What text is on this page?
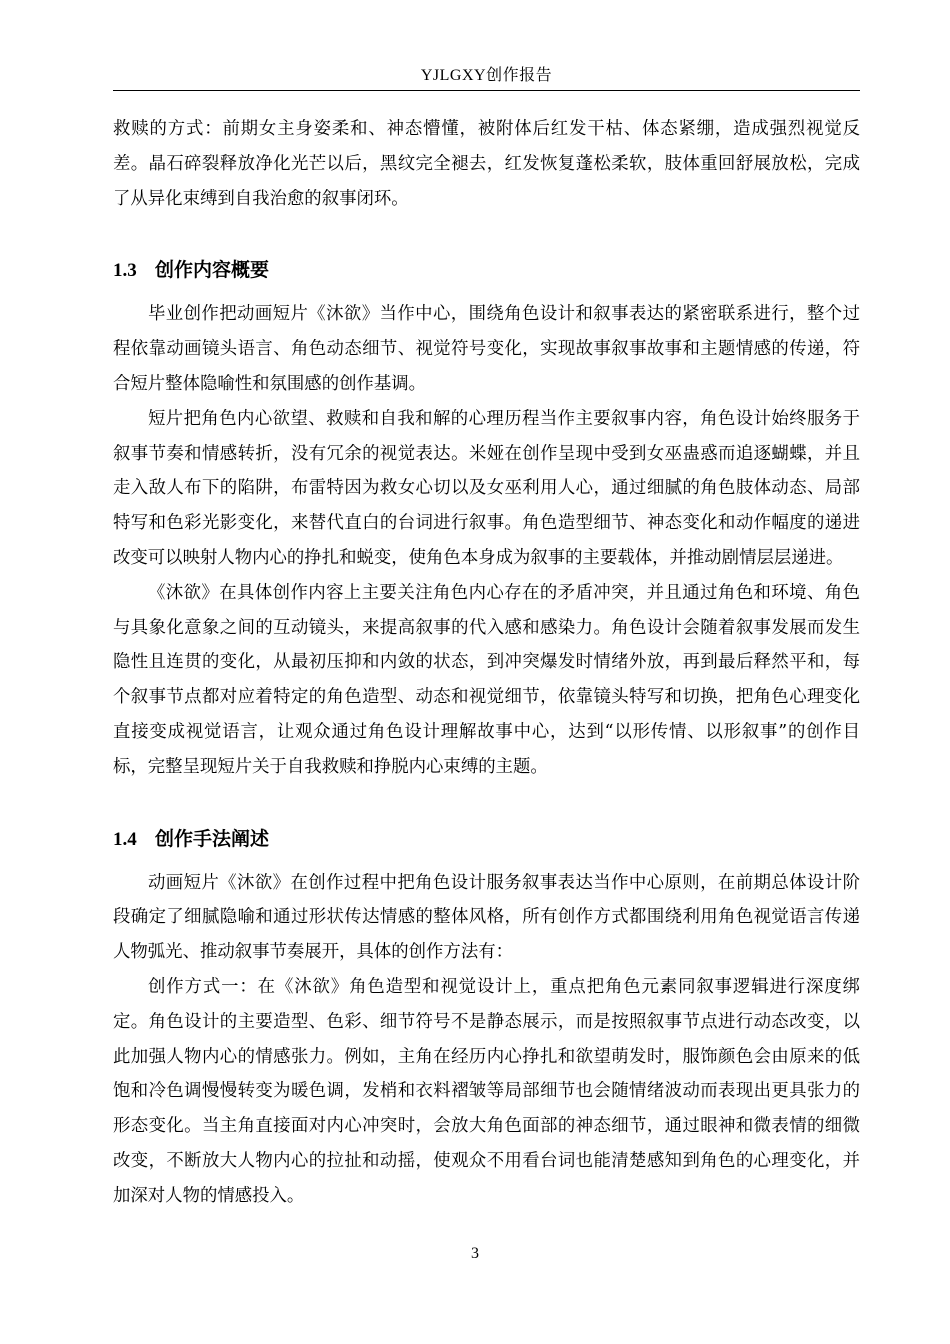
YJLGXY创作报告

救赎的方式：前期女主身姿柔和、神态懵懂，被附体后红发干枯、体态紧绷，造成强烈视觉反差。晶石碎裂释放净化光芒以后，黑纹完全褪去，红发恢复蓬松柔软，肢体重回舒展放松，完成了从异化束缚到自我治愈的叙事闭环。

1.3 创作内容概要

毕业创作把动画短片《沐欲》当作中心，围绕角色设计和叙事表达的紧密联系进行，整个过程依靠动画镜头语言、角色动态细节、视觉符号变化，实现故事叙事故事和主题情感的传递，符合短片整体隐喻性和氛围感的创作基调。

短片把角色内心欲望、救赎和自我和解的心理历程当作主要叙事内容，角色设计始终服务于叙事节奏和情感转折，没有冗余的视觉表达。米娅在创作呈现中受到女巫蛊惑而追逐蝴蝶，并且走入敌人布下的陷阱，布雷特因为救女心切以及女巫利用人心，通过细腻的角色肢体动态、局部特写和色彩光影变化，来替代直白的台词进行叙事。角色造型细节、神态变化和动作幅度的递进改变可以映射人物内心的挣扎和蜕变，使角色本身成为叙事的主要载体，并推动剧情层层递进。

《沐欲》在具体创作内容上主要关注角色内心存在的矛盾冲突，并且通过角色和环境、角色与具象化意象之间的互动镜头，来提高叙事的代入感和感染力。角色设计会随着叙事发展而发生隐性且连贯的变化，从最初压抑和内敛的状态，到冲突爆发时情绪外放，再到最后释然平和，每个叙事节点都对应着特定的角色造型、动态和视觉细节，依靠镜头特写和切换，把角色心理变化直接变成视觉语言，让观众通过角色设计理解故事中心，达到“以形传情、以形叙事”的创作目标，完整呈现短片关于自我救赎和挣脱内心束缚的主题。

1.4 创作手法阐述

动画短片《沐欲》在创作过程中把角色设计服务叙事表达当作中心原则，在前期总体设计阶段确定了细腻隐喻和通过形状传达情感的整体风格，所有创作方式都围绕利用角色视觉语言传递人物弧光、推动叙事节奏展开，具体的创作方法有：

创作方式一：在《沐欲》角色造型和视觉设计上，重点把角色元素同叙事逻辑进行深度绑定。角色设计的主要造型、色彩、细节符号不是静态展示，而是按照叙事节点进行动态改变，以此加强人物内心的情感张力。例如，主角在经历内心挣扎和欲望萌发时，服饰颜色会由原来的低饱和冷色调慢慢转变为暖色调，发梢和衣料褶皱等局部细节也会随情绪波动而表现出更具张力的形态变化。当主角直接面对内心冲突时，会放大角色面部的神态细节，通过眼神和微表情的细微改变，不断放大人物内心的拉扯和动摇，使观众不用看台词也能清楚感知到角色的心理变化，并加深对人物的情感投入。

3
